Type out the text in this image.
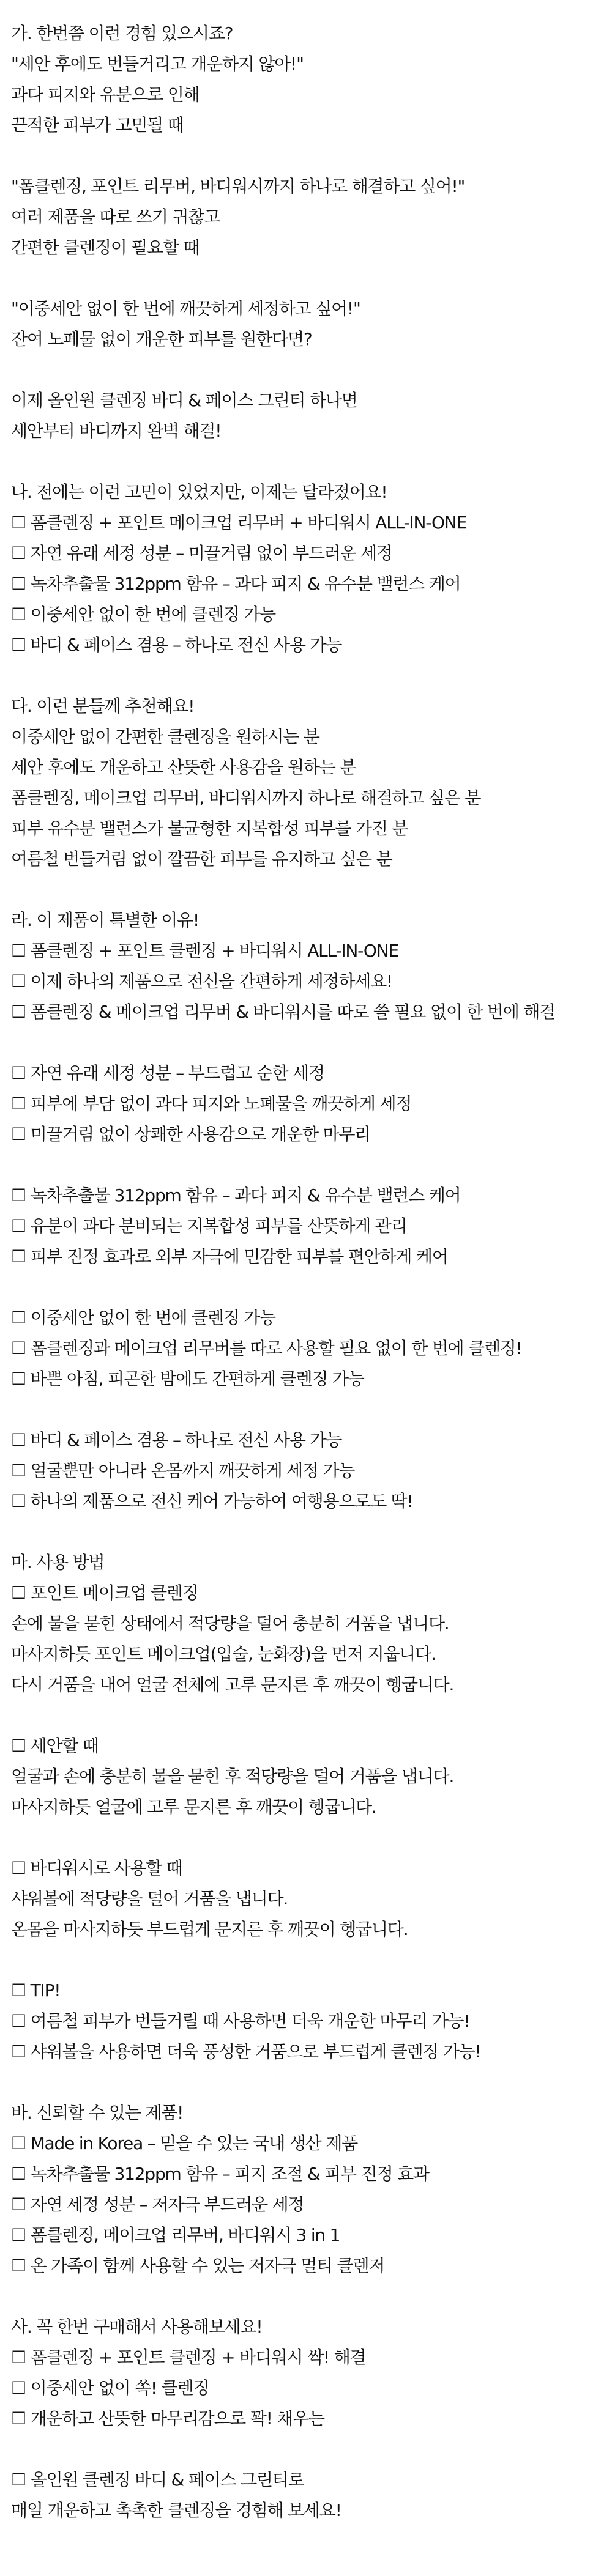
가. 한번쯤 이런 경험 있으시죠?
"세안 후에도 번들거리고 개운하지 않아!"
과다 피지와 유분으로 인해
끈적한 피부가 고민될 때
"폼클렌징, 포인트 리무버, 바디워시까지 하나로 해결하고 싶어!"
여러 제품을 따로 쓰기 귀찮고
간편한 클렌징이 필요할 때
"이중세안 없이 한 번에 깨끗하게 세정하고 싶어!"
잔여 노폐물 없이 개운한 피부를 원한다면?
이제 올인원 클렌징 바디 & 페이스 그린티 하나면
세안부터 바디까지 완벽 해결!
나. 전에는 이런 고민이 있었지만, 이제는 달라졌어요!
☐ 폼클렌징 + 포인트 메이크업 리무버 + 바디워시 ALL-IN-ONE
☐ 자연 유래 세정 성분 – 미끌거림 없이 부드러운 세정
☐ 녹차추출물 312ppm 함유 – 과다 피지 & 유수분 밸런스 케어
☐ 이중세안 없이 한 번에 클렌징 가능
☐ 바디 & 페이스 겸용 – 하나로 전신 사용 가능
다. 이런 분들께 추천해요!
이중세안 없이 간편한 클렌징을 원하시는 분
세안 후에도 개운하고 산뜻한 사용감을 원하는 분
폼클렌징, 메이크업 리무버, 바디워시까지 하나로 해결하고 싶은 분
피부 유수분 밸런스가 불균형한 지복합성 피부를 가진 분
여름철 번들거림 없이 깔끔한 피부를 유지하고 싶은 분
라. 이 제품이 특별한 이유!
☐ 폼클렌징 + 포인트 클렌징 + 바디워시 ALL-IN-ONE
☐ 이제 하나의 제품으로 전신을 간편하게 세정하세요!
☐ 폼클렌징 & 메이크업 리무버 & 바디워시를 따로 쓸 필요 없이 한 번에 해결
☐ 자연 유래 세정 성분 – 부드럽고 순한 세정
☐ 피부에 부담 없이 과다 피지와 노폐물을 깨끗하게 세정
☐ 미끌거림 없이 상쾌한 사용감으로 개운한 마무리
☐ 녹차추출물 312ppm 함유 – 과다 피지 & 유수분 밸런스 케어
☐ 유분이 과다 분비되는 지복합성 피부를 산뜻하게 관리
☐ 피부 진정 효과로 외부 자극에 민감한 피부를 편안하게 케어
☐ 이중세안 없이 한 번에 클렌징 가능
☐ 폼클렌징과 메이크업 리무버를 따로 사용할 필요 없이 한 번에 클렌징!
☐ 바쁜 아침, 피곤한 밤에도 간편하게 클렌징 가능
☐ 바디 & 페이스 겸용 – 하나로 전신 사용 가능
☐ 얼굴뿐만 아니라 온몸까지 깨끗하게 세정 가능
☐ 하나의 제품으로 전신 케어 가능하여 여행용으로도 딱!
마. 사용 방법
☐ 포인트 메이크업 클렌징
손에 물을 묻힌 상태에서 적당량을 덜어 충분히 거품을 냅니다.
마사지하듯 포인트 메이크업(입술, 눈화장)을 먼저 지웁니다.
다시 거품을 내어 얼굴 전체에 고루 문지른 후 깨끗이 헹굽니다.
☐ 세안할 때
얼굴과 손에 충분히 물을 묻힌 후 적당량을 덜어 거품을 냅니다.
마사지하듯 얼굴에 고루 문지른 후 깨끗이 헹굽니다.
☐ 바디워시로 사용할 때
샤워볼에 적당량을 덜어 거품을 냅니다.
온몸을 마사지하듯 부드럽게 문지른 후 깨끗이 헹굽니다.
☐ TIP!
☐ 여름철 피부가 번들거릴 때 사용하면 더욱 개운한 마무리 가능!
☐ 샤워볼을 사용하면 더욱 풍성한 거품으로 부드럽게 클렌징 가능!
바. 신뢰할 수 있는 제품!
☐ Made in Korea – 믿을 수 있는 국내 생산 제품
☐ 녹차추출물 312ppm 함유 – 피지 조절 & 피부 진정 효과
☐ 자연 세정 성분 – 저자극 부드러운 세정
☐ 폼클렌징, 메이크업 리무버, 바디워시 3 in 1
☐ 온 가족이 함께 사용할 수 있는 저자극 멀티 클렌저
사. 꼭 한번 구매해서 사용해보세요!
☐ 폼클렌징 + 포인트 클렌징 + 바디워시 싹! 해결
☐ 이중세안 없이 쏙! 클렌징
☐ 개운하고 산뜻한 마무리감으로 꽉! 채우는
☐ 올인원 클렌징 바디 & 페이스 그린티로
매일 개운하고 촉촉한 클렌징을 경험해 보세요!
